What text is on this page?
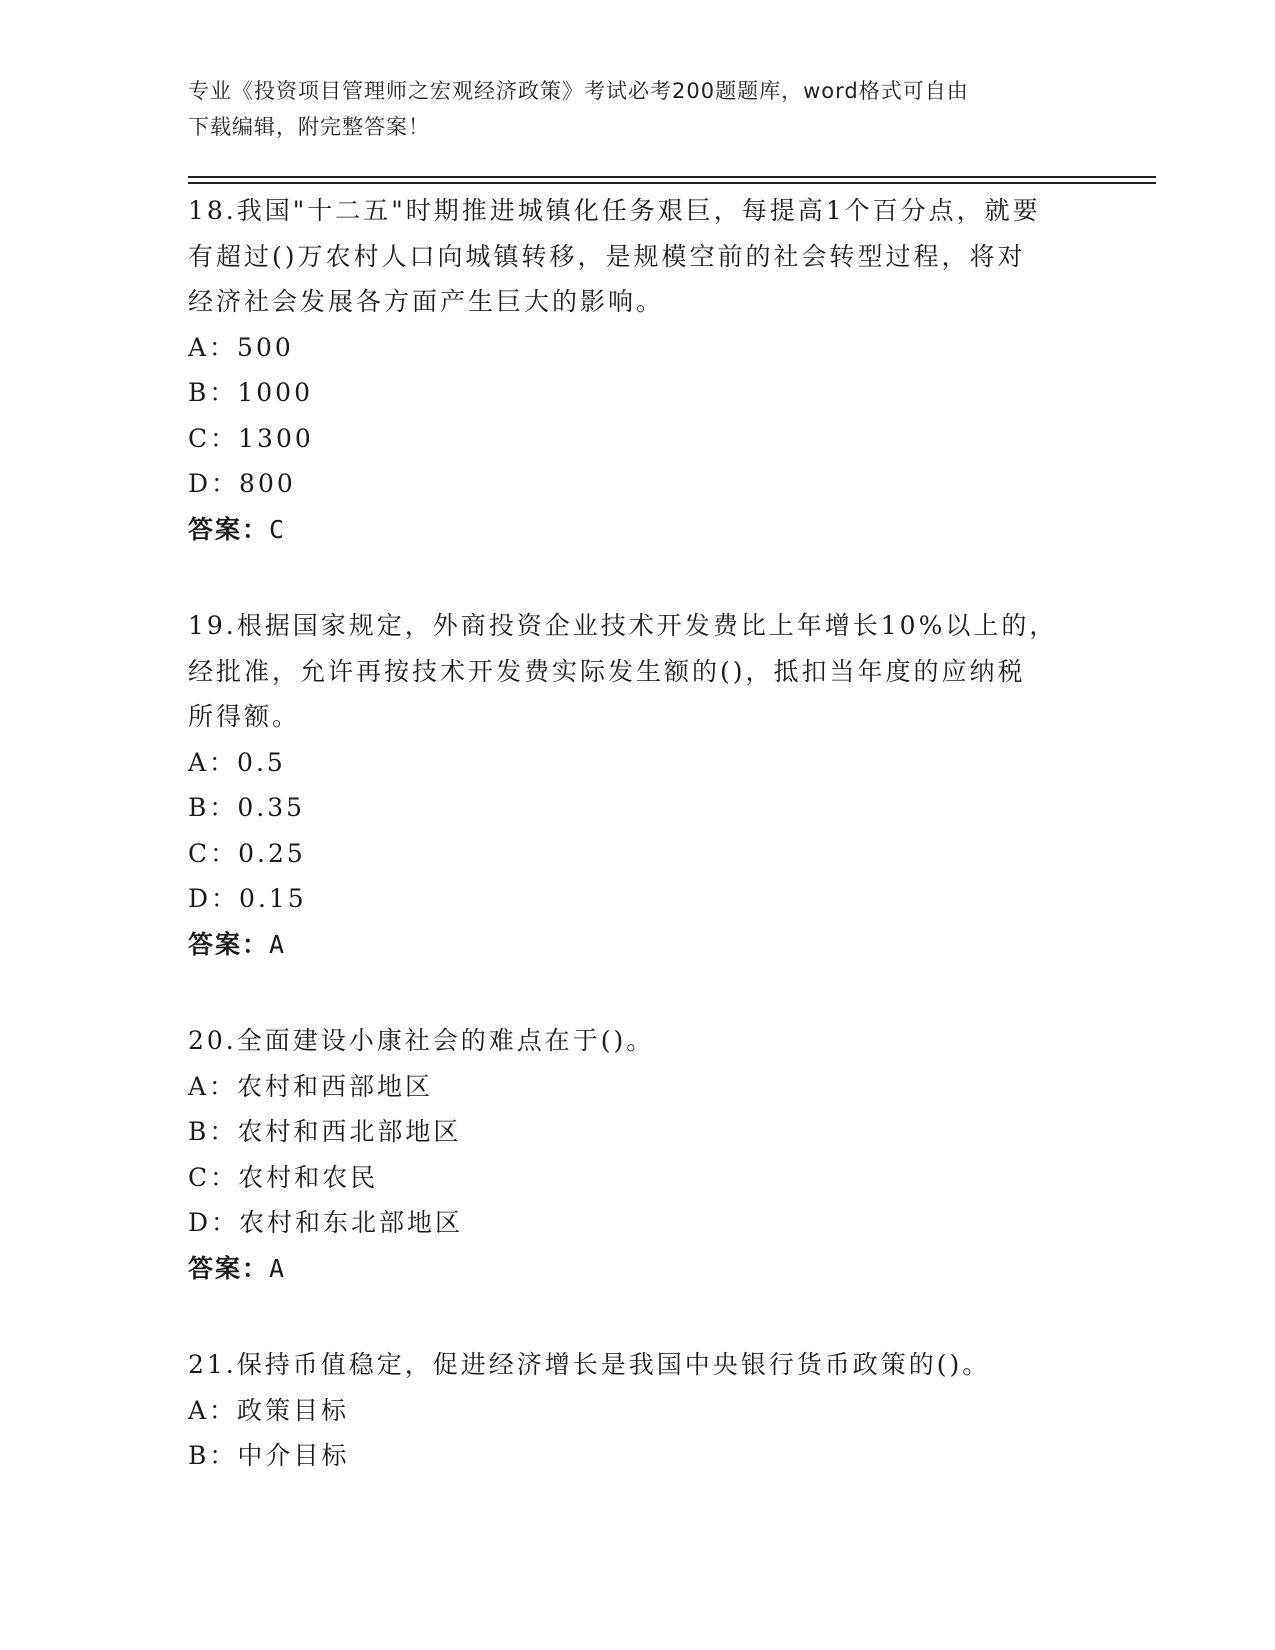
专业《投资项目管理师之宏观经济政策》考试必考200题题库，word格式可自由
下载编辑，附完整答案！

18.我国"十二五"时期推进城镇化任务艰巨，每提高1个百分点，就要

有超过()万农村人口向城镇转移，是规模空前的社会转型过程，将对

经济社会发展各方面产生巨大的影响。

A：500

B：1000

C：1300

D：800

答案：C

19.根据国家规定，外商投资企业技术开发费比上年增长10%以上的，

经批准，允许再按技术开发费实际发生额的()，抵扣当年度的应纳税

所得额。

A：0.5

B：0.35

C：0.25

D：0.15

答案：A

20.全面建设小康社会的难点在于()。

A：农村和西部地区

B：农村和西北部地区

C：农村和农民

D：农村和东北部地区

答案：A

21.保持币值稳定，促进经济增长是我国中央银行货币政策的()。

A：政策目标

B：中介目标
